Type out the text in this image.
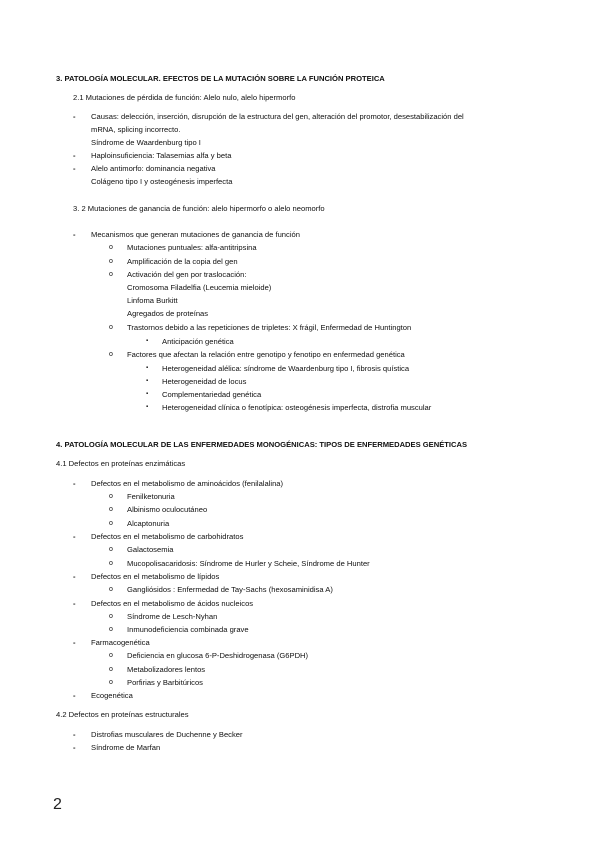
3. PATOLOGÍA MOLECULAR. EFECTOS DE LA MUTACIÓN SOBRE LA FUNCIÓN PROTEICA
2.1 Mutaciones de pérdida de función: Alelo nulo, alelo hipermorfo
- Causas: delección, inserción, disrupción de la estructura del gen, alteración del promotor, desestabilización del
mRNA, splicing incorrecto.
Síndrome de Waardenburg tipo I
- Haploinsuficiencia: Talasemias alfa y beta
- Alelo antimorfo: dominancia negativa
Colágeno tipo I y osteogénesis imperfecta
3. 2 Mutaciones de ganancia de función: alelo hipermorfo o alelo neomorfo
- Mecanismos que generan mutaciones de ganancia de función
o Mutaciones puntuales: alfa-antitripsina
o Amplificación de la copia del gen
o Activación del gen por traslocación:
Cromosoma Filadelfia (Leucemia mieloide)
Linfoma Burkitt
Agregados de proteínas
o Trastornos debido a las repeticiones de tripletes: X frágil, Enfermedad de Huntington
▪ Anticipación genética
o Factores que afectan la relación entre genotipo y fenotipo en enfermedad genética
▪ Heterogeneidad alélica: síndrome de Waardenburg tipo I, fibrosis quística
▪ Heterogeneidad de locus
▪ Complementariedad genética
▪ Heterogeneidad clínica o fenotípica: osteogénesis imperfecta, distrofia muscular
4. PATOLOGÍA MOLECULAR DE LAS ENFERMEDADES MONOGÉNICAS: TIPOS DE ENFERMEDADES GENÉTICAS
4.1 Defectos en proteínas enzimáticas
- Defectos en el metabolismo de aminoácidos (fenilalalina)
o Fenilketonuria
o Albinismo oculocutáneo
o Alcaptonuria
- Defectos en el metabolismo de carbohidratos
o Galactosemia
o Mucopolisacaridosis: Síndrome de Hurler y Scheie, Síndrome de Hunter
- Defectos en el metabolismo de lípidos
o Gangliósidos : Enfermedad de Tay-Sachs (hexosaminidisa A)
- Defectos en el metabolismo de ácidos nucleicos
o Síndrome de Lesch-Nyhan
o Inmunodeficiencia combinada grave
- Farmacogenética
o Deficiencia en glucosa 6-P-Deshidrogenasa (G6PDH)
o Metabolizadores lentos
o Porfirias y Barbitúricos
- Ecogenética
4.2 Defectos en proteínas estructurales
- Distrofias musculares de Duchenne y Becker
- Síndrome de Marfan
2
